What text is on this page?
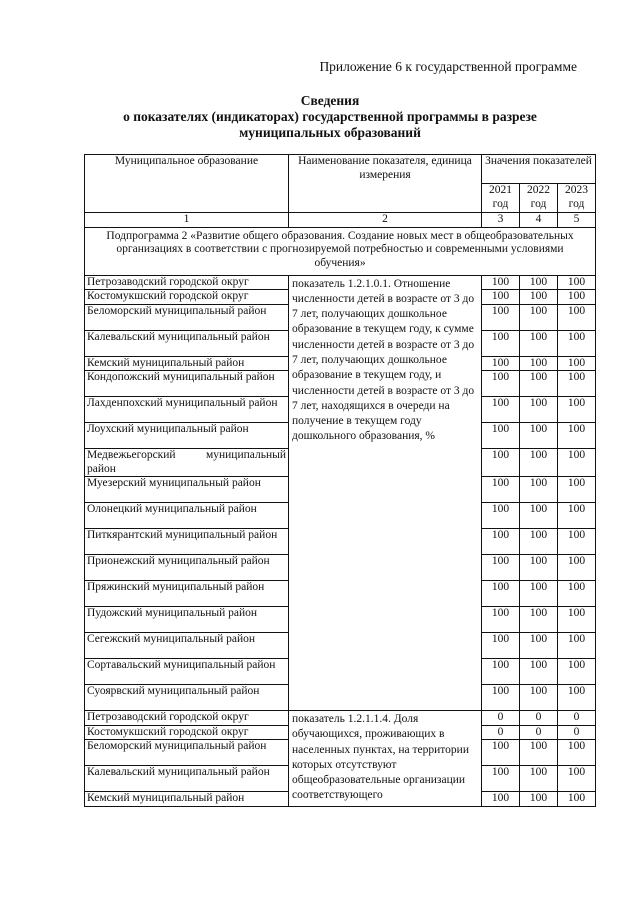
Приложение 6 к государственной программе
Сведения
о показателях (индикаторах) государственной программы в разрезе
муниципальных образований
Муниципальное образование	Наименование показателя, единица измерения	Значения показателей		
		2021 год	2022 год	2023 год
1	2	3	4	5
Подпрограмма 2 «Развитие общего образования. Создание новых мест в общеобразовательных организациях в соответствии с прогнозируемой потребностью и современными условиями обучения»				
Петрозаводский городской округ	показатель 1.2.1.0.1. Отношение численности детей в возрасте от 3 до 7 лет, получающих дошкольное образование в текущем году, к сумме численности детей в возрасте от 3 до 7 лет, получающих дошкольное образование в текущем году, и численности детей в возрасте от 3 до 7 лет, находящихся в очереди на получение в текущем году дошкольного образования, %	100	100	100
Костомукшский городской округ		100	100	100
Беломорский муниципальный район		100	100	100
Калевальский муниципальный район		100	100	100
Кемский муниципальный район		100	100	100
Кондопожский муниципальный район		100	100	100
Лахденпохский муниципальный район		100	100	100
Лоухский муниципальный район		100	100	100
Медвежьегорский муниципальный район		100	100	100
Муезерский муниципальный район		100	100	100
Олонецкий муниципальный район		100	100	100
Питкярантский муниципальный район		100	100	100
Прионежский муниципальный район		100	100	100
Пряжинский муниципальный район		100	100	100
Пудожский муниципальный район		100	100	100
Сегежский муниципальный район		100	100	100
Сортавальский муниципальный район		100	100	100
Суоярвский муниципальный район		100	100	100
Петрозаводский городской округ	показатель 1.2.1.1.4. Доля обучающихся, проживающих в населенных пунктах, на территории которых отсутствуют общеобразовательные организации соответствующего	0	0	0
Костомукшский городской округ		0	0	0
Беломорский муниципальный район		100	100	100
Калевальский муниципальный район		100	100	100
Кемский муниципальный район		100	100	100
